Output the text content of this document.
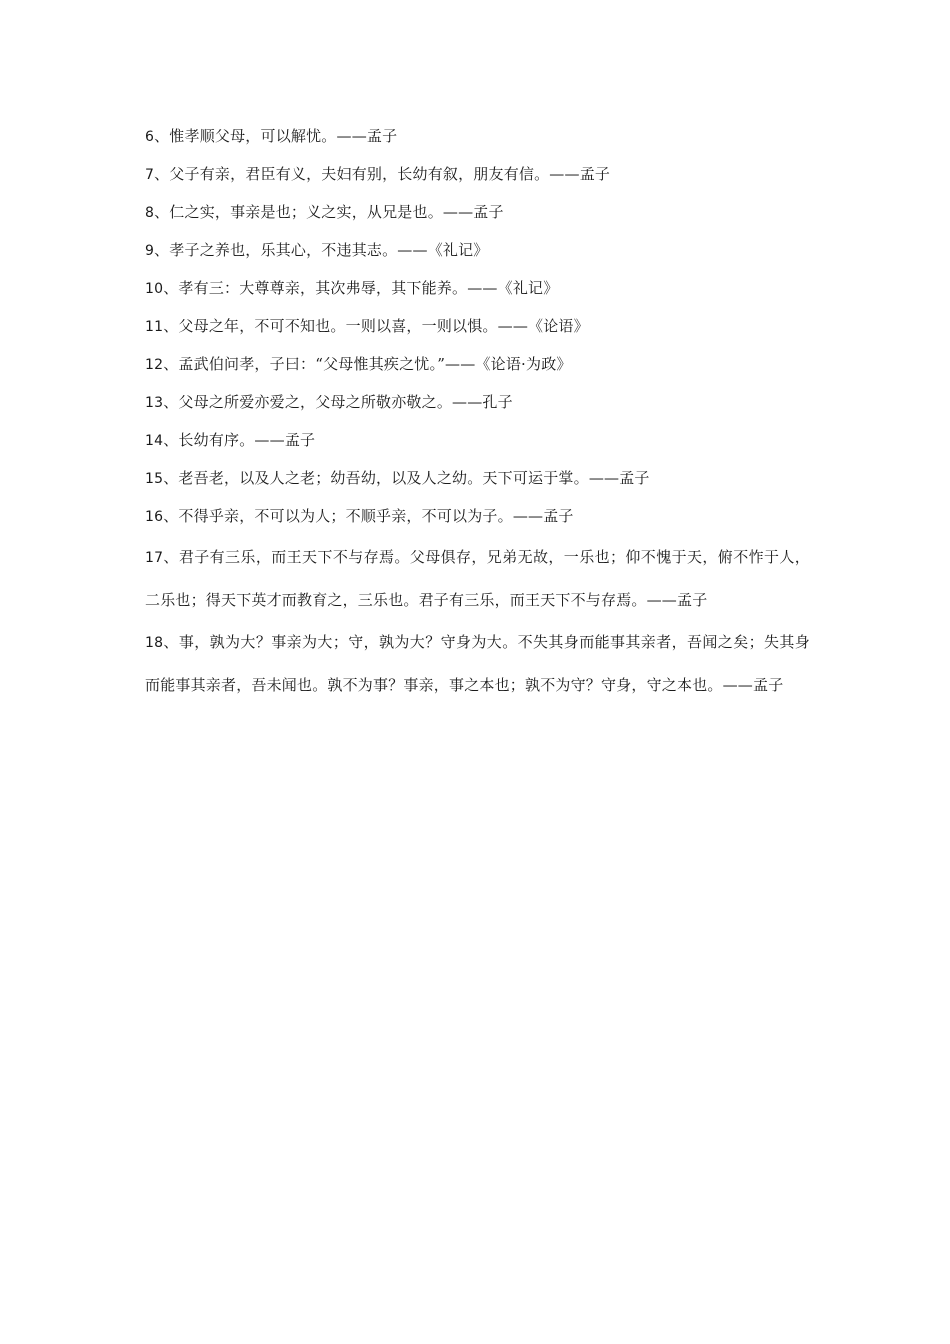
6、惟孝顺父母，可以解忧。——孟子

7、父子有亲，君臣有义，夫妇有别，长幼有叙，朋友有信。——孟子

8、仁之实，事亲是也；义之实，从兄是也。——孟子

9、孝子之养也，乐其心，不违其志。——《礼记》

10、孝有三：大尊尊亲，其次弗辱，其下能养。——《礼记》

11、父母之年，不可不知也。一则以喜，一则以惧。——《论语》

12、孟武伯问孝，子曰：“父母惟其疾之忧。”——《论语·为政》

13、父母之所爱亦爱之，父母之所敬亦敬之。——孔子

14、长幼有序。——孟子

15、老吾老，以及人之老；幼吾幼，以及人之幼。天下可运于掌。——孟子

16、不得乎亲，不可以为人；不顺乎亲，不可以为子。——孟子

17、君子有三乐，而王天下不与存焉。父母俱存，兄弟无故，一乐也；仰不愧于天，俯不怍于人，二乐也；得天下英才而教育之，三乐也。君子有三乐，而王天下不与存焉。——孟子

18、事，孰为大？事亲为大；守，孰为大？守身为大。不失其身而能事其亲者，吾闻之矣；失其身而能事其亲者，吾未闻也。孰不为事？事亲，事之本也；孰不为守？守身，守之本也。——孟子
